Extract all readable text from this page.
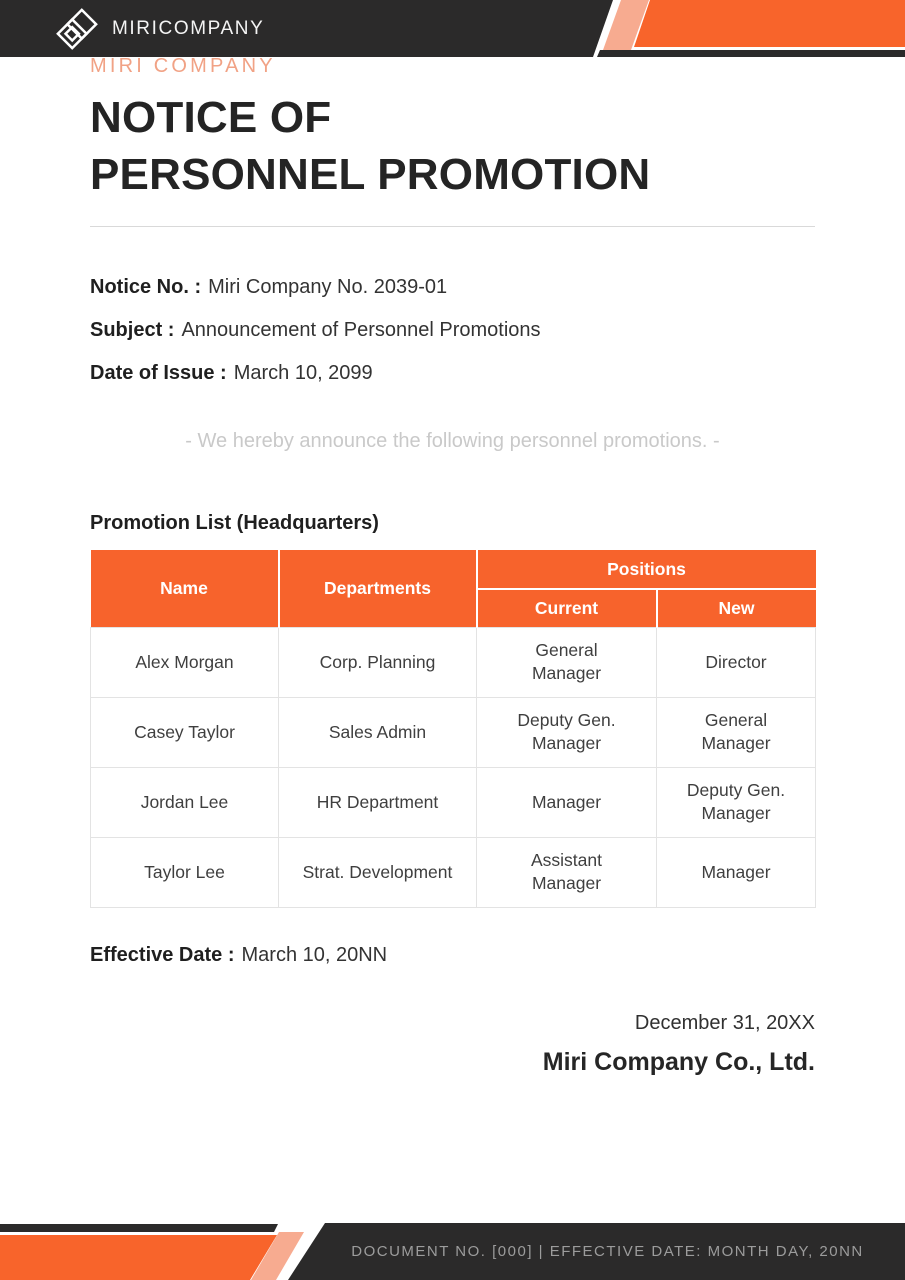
MIRICOMPANY
MIRI COMPANY
NOTICE OF
PERSONNEL PROMOTION

Notice No. : Miri Company No. 2039-01

Subject : Announcement of Personnel Promotions

Date of Issue : March 10, 2099

- We hereby announce the following personnel promotions. -

Promotion List (Headquarters)
Name	Departments	Positions	
		Current	New
Alex Morgan	Corp. Planning	General Manager	Director
Casey Taylor	Sales Admin	Deputy Gen. Manager	General Manager
Jordan Lee	HR Department	Manager	Deputy Gen. Manager
Taylor Lee	Strat. Development	Assistant Manager	Manager

Effective Date : March 10, 20NN

December 31, 20XX

Miri Company Co., Ltd.

DOCUMENT NO. [000] | EFFECTIVE DATE: MONTH DAY, 20NN
